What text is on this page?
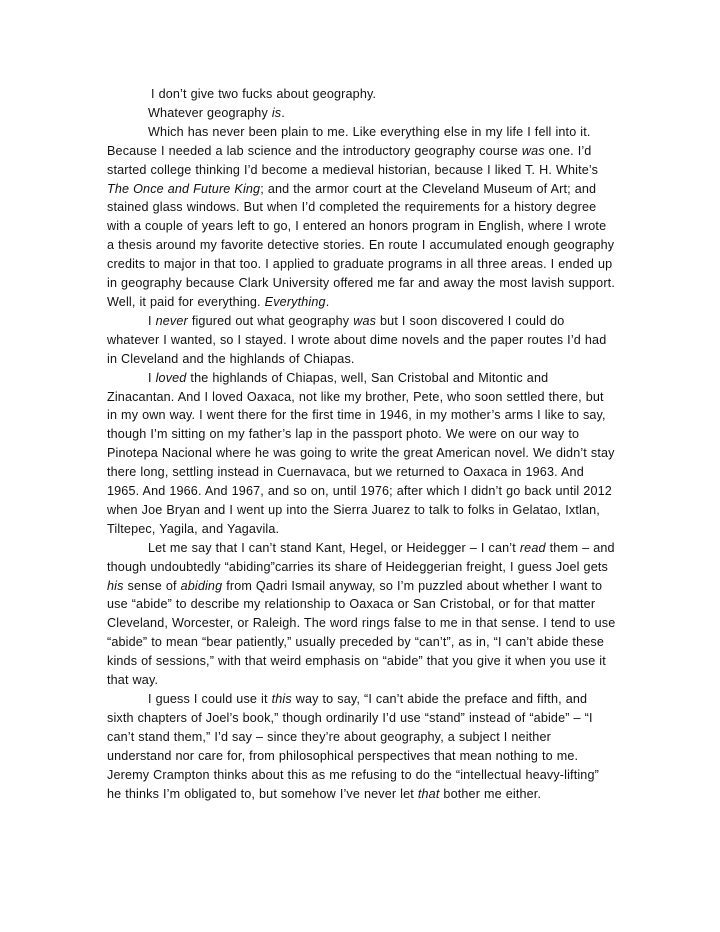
I don’t give two fucks about geography.

Whatever geography is.

Which has never been plain to me. Like everything else in my life I fell into it. Because I needed a lab science and the introductory geography course was one. I’d started college thinking I’d become a medieval historian, because I liked T. H. White’s The Once and Future King; and the armor court at the Cleveland Museum of Art; and stained glass windows. But when I’d completed the requirements for a history degree with a couple of years left to go, I entered an honors program in English, where I wrote a thesis around my favorite detective stories. En route I accumulated enough geography credits to major in that too. I applied to graduate programs in all three areas. I ended up in geography because Clark University offered me far and away the most lavish support. Well, it paid for everything. Everything.

I never figured out what geography was but I soon discovered I could do whatever I wanted, so I stayed. I wrote about dime novels and the paper routes I’d had in Cleveland and the highlands of Chiapas.

I loved the highlands of Chiapas, well, San Cristobal and Mitontic and Zinacantan. And I loved Oaxaca, not like my brother, Pete, who soon settled there, but in my own way. I went there for the first time in 1946, in my mother’s arms I like to say, though I’m sitting on my father’s lap in the passport photo. We were on our way to Pinotepa Nacional where he was going to write the great American novel. We didn’t stay there long, settling instead in Cuernavaca, but we returned to Oaxaca in 1963. And 1965. And 1966. And 1967, and so on, until 1976; after which I didn’t go back until 2012 when Joe Bryan and I went up into the Sierra Juarez to talk to folks in Gelatao, Ixtlan, Tiltepec, Yagila, and Yagavila.

Let me say that I can’t stand Kant, Hegel, or Heidegger – I can’t read them – and though undoubtedly “abiding”carries its share of Heideggerian freight, I guess Joel gets his sense of abiding from Qadri Ismail anyway, so I’m puzzled about whether I want to use “abide” to describe my relationship to Oaxaca or San Cristobal, or for that matter Cleveland, Worcester, or Raleigh. The word rings false to me in that sense. I tend to use “abide” to mean “bear patiently,” usually preceded by “can’t”, as in, “I can’t abide these kinds of sessions,” with that weird emphasis on “abide” that you give it when you use it that way.

I guess I could use it this way to say, “I can’t abide the preface and fifth, and sixth chapters of Joel’s book,” though ordinarily I’d use “stand” instead of “abide” – “I can’t stand them,” I’d say – since they’re about geography, a subject I neither understand nor care for, from philosophical perspectives that mean nothing to me. Jeremy Crampton thinks about this as me refusing to do the “intellectual heavy-lifting” he thinks I’m obligated to, but somehow I’ve never let that bother me either.
